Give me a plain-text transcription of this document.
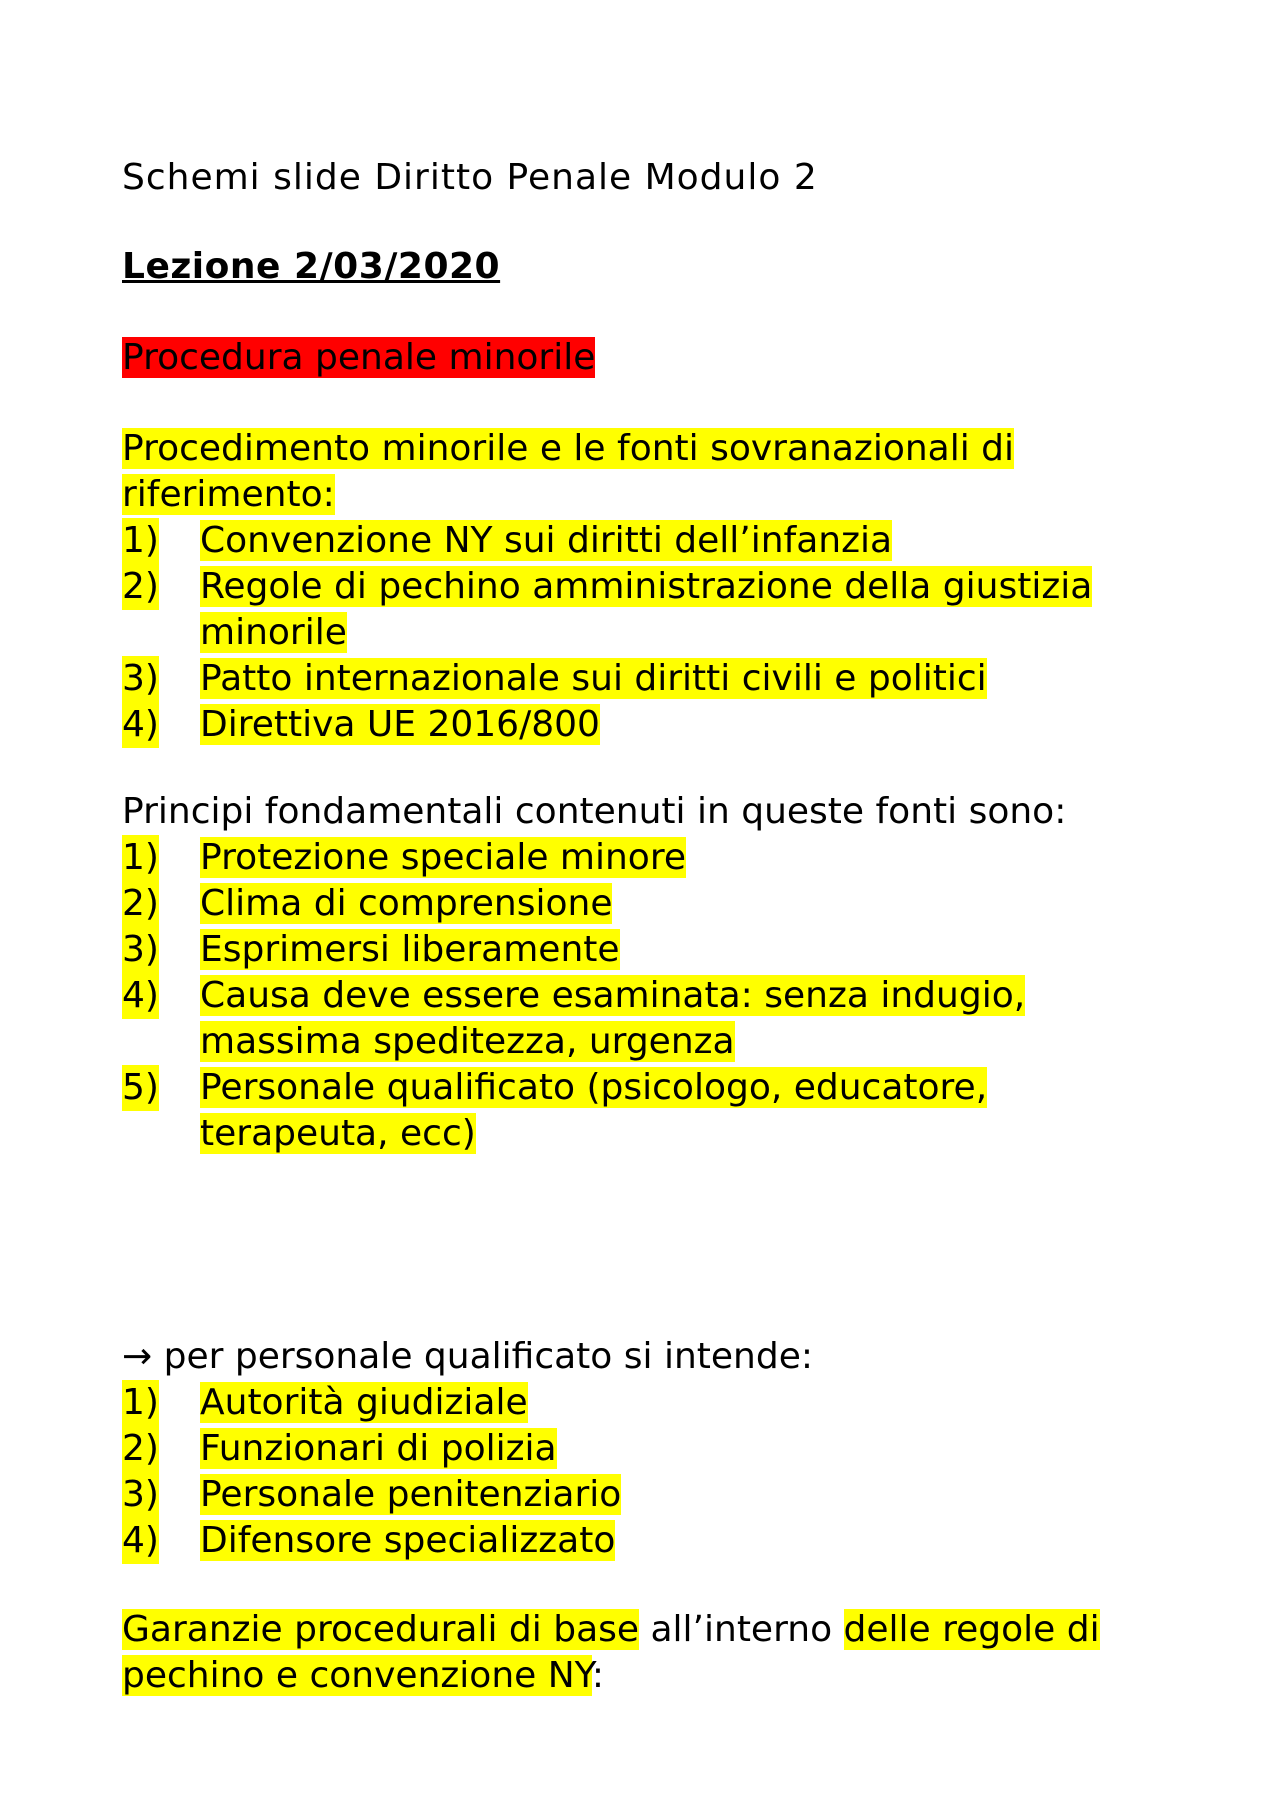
Schemi slide Diritto Penale Modulo 2

Lezione 2/03/2020

Procedura penale minorile

Procedimento minorile e le fonti sovranazionali di riferimento:

1) Convenzione NY sui diritti dell’infanzia
2) Regole di pechino amministrazione della giustizia minorile
3) Patto internazionale sui diritti civili e politici
4) Direttiva UE 2016/800

Principi fondamentali contenuti in queste fonti sono:

1) Protezione speciale minore
2) Clima di comprensione
3) Esprimersi liberamente
4) Causa deve essere esaminata: senza indugio, massima speditezza, urgenza
5) Personale qualificato (psicologo, educatore, terapeuta, ecc)

→ per personale qualificato si intende:

1) Autorità giudiziale
2) Funzionari di polizia
3) Personale penitenziario
4) Difensore specializzato

Garanzie procedurali di base all’interno delle regole di pechino e convenzione NY:
